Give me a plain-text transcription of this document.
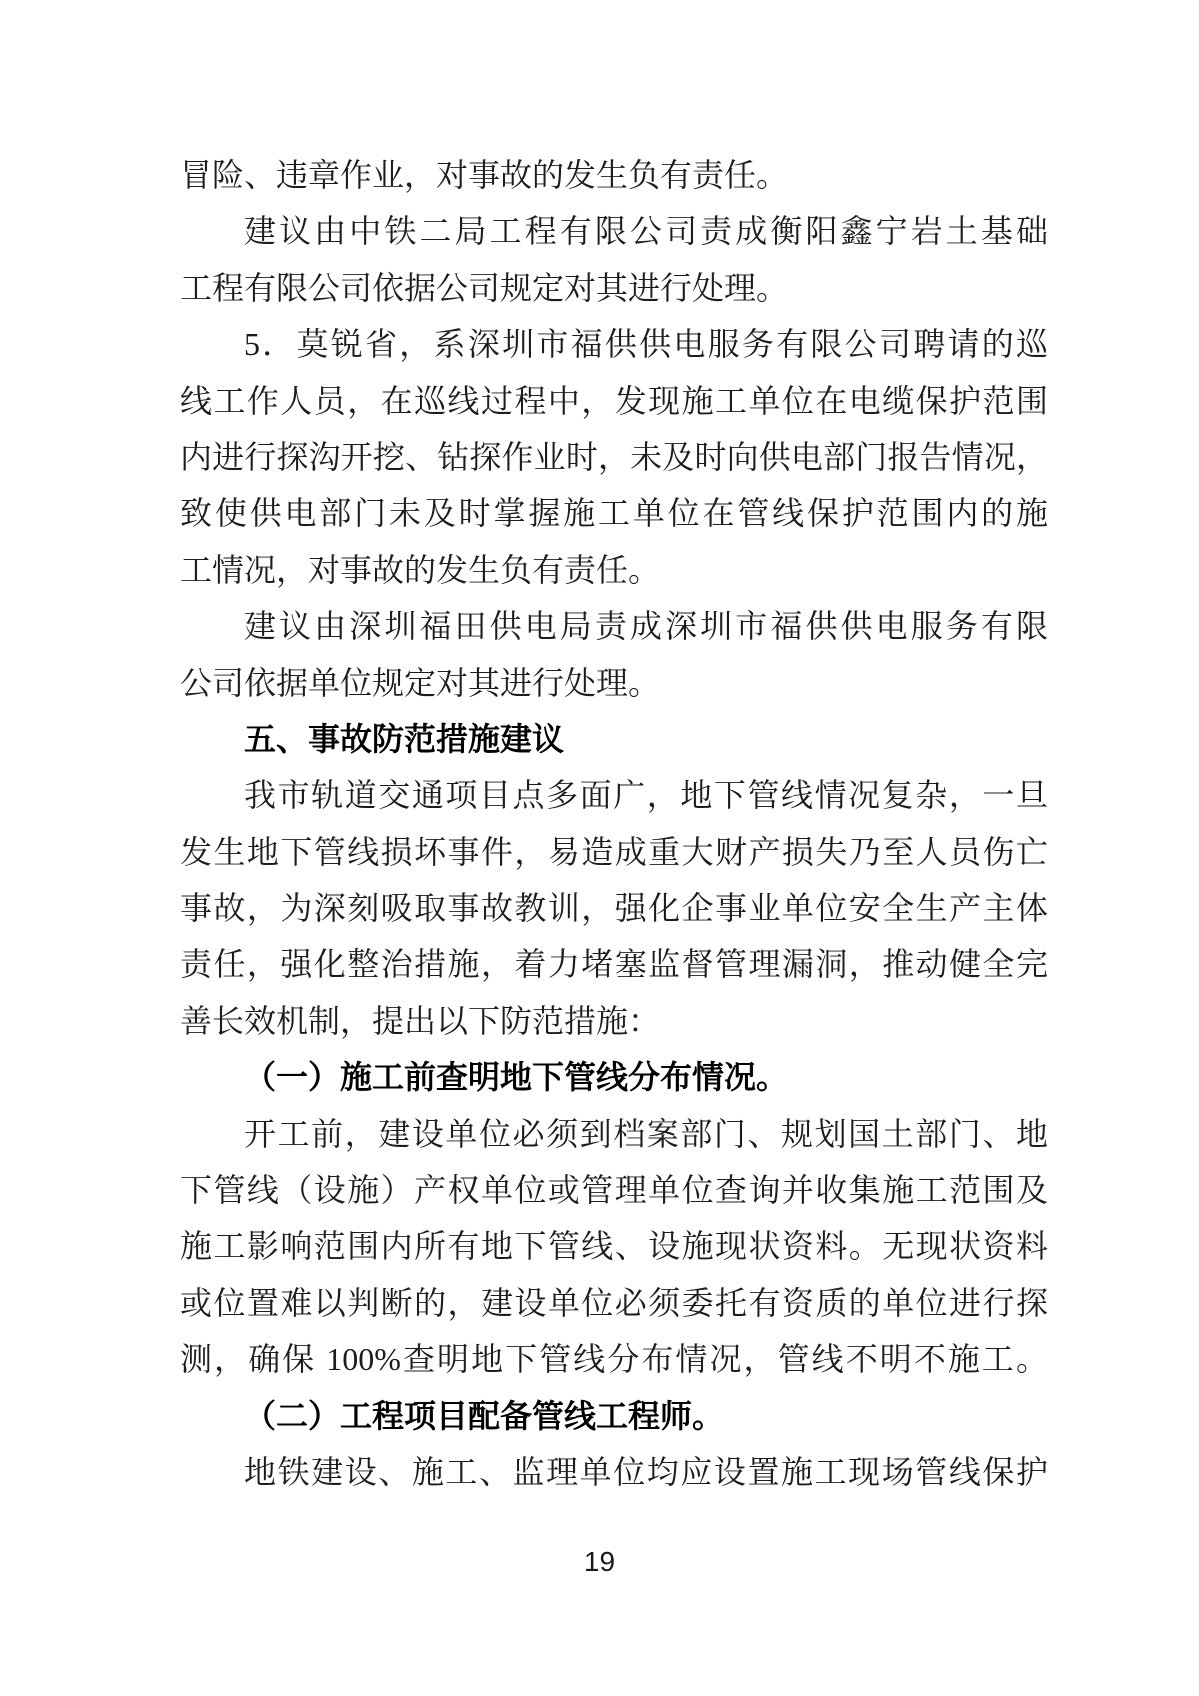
冒险、违章作业，对事故的发生负有责任。
建议由中铁二局工程有限公司责成衡阳鑫宁岩土基础
工程有限公司依据公司规定对其进行处理。
5．莫锐省，系深圳市福供供电服务有限公司聘请的巡
线工作人员，在巡线过程中，发现施工单位在电缆保护范围
内进行探沟开挖、钻探作业时，未及时向供电部门报告情况，
致使供电部门未及时掌握施工单位在管线保护范围内的施
工情况，对事故的发生负有责任。
建议由深圳福田供电局责成深圳市福供供电服务有限
公司依据单位规定对其进行处理。
五、事故防范措施建议
我市轨道交通项目点多面广，地下管线情况复杂，一旦
发生地下管线损坏事件，易造成重大财产损失乃至人员伤亡
事故，为深刻吸取事故教训，强化企事业单位安全生产主体
责任，强化整治措施，着力堵塞监督管理漏洞，推动健全完
善长效机制，提出以下防范措施：
（一）施工前查明地下管线分布情况。
开工前，建设单位必须到档案部门、规划国土部门、地
下管线（设施）产权单位或管理单位查询并收集施工范围及
施工影响范围内所有地下管线、设施现状资料。无现状资料
或位置难以判断的，建设单位必须委托有资质的单位进行探
测，确保 100%查明地下管线分布情况，管线不明不施工。
（二）工程项目配备管线工程师。
地铁建设、施工、监理单位均应设置施工现场管线保护
19
